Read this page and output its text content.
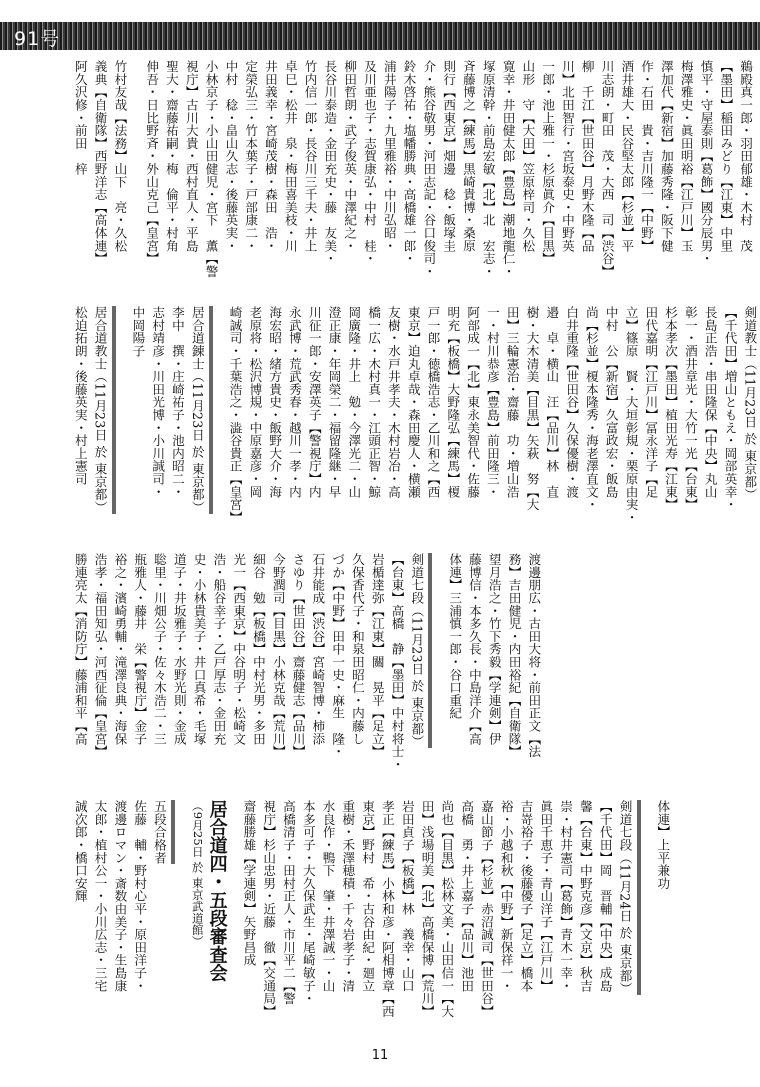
91号
鵜殿真一郎・羽田郁雄・木村　茂
【墨田】稲田みどり【江東】中里
慎平・守屋泰則【葛飾】國分辰男・
梅澤雅史・眞田明裕【江戸川】玉
澤加代【新宿】加藤秀隆・阪下健
作・石田　貴・吉川隆一【中野】
酒井雄大・民谷堅太郎【杉並】平
川志朗・町田　茂・大西　司【渋谷】
柳　千江【世田谷】月野木隆【品
川】北田智行・宮坂泰史・中野英
一郎・池上雅一・杉原眞介【目黒】
山形　守【大田】笠原梓司・久松
寛幸・井田健太郎【豊島】潮地龍仁・
塚原清幹・前島宏敏【北】北　宏志・
斉藤博之【練馬】黒崎貴博・桑原
則行【西東京】畑邊　稔・飯塚圭
介・熊谷敬男・河田志記・谷口俊司・
鈴木啓祐・塩幡勝典・高橋雄一郎・
浦井陽子・九里雅裕・中川弘昭・
及川亜也子・志賀康弘・中村　桂・
柳田哲朗・武子俊英・中澤紀之・
長谷川泰造・金田充史・藤　友美・
竹内信一郎・長谷川三千夫・井上
卓巳・松井　泉・梅田喜美枝・川
井田義幸・宮崎茂樹・森田　浩・
定榮弘三・竹本葉子・戸部康二・
中村　稔・畠山久志・後藤英実・
小林京子・小山田健児・宮下　薫【警
視庁】古川大貴・西村直人・平島
聖大・齋藤祐嗣・梅　倫平・村角
伸吾・日比野斉・外山克己【皇宮】
竹村友哉【法務】山下　亮・久松
義典【自衛隊】西野洋志【高体連】
阿久沢修・前田　梓
剣道教士（11月23日 於 東京都）
【千代田】増山ともえ・岡部英幸・
長島正浩・串田隆保【中央】丸山
彰一・酒井章光・大竹一光【台東】
杉本孝次【墨田】植田光寿【江東】
田代嘉明【江戸川】冨永洋子【足
立】篠原　賢・大垣彰規・栗原由実・
中村　公【新宿】久富政宏・飯島
尚【杉並】榎本隆秀・海老澤直文・
白井重隆【世田谷】久保優樹・渡
邉　卓・横山　汪【品川】林　直
樹・大木清美【目黒】矢萩　努【大
田】三輪憲治・齋藤　功・増山浩
一・村川恭彦【豊島】前田隆三・
阿部成一【北】東永美智代・佐藤
明充【板橋】大野隆弘【練馬】榎
戸一郎・徳橋浩志・乙川和之【西
東京】迫丸卓哉・森田慶人・横瀬
友樹・水戸井孝夫・木村岩冶・高
橋一広・木村真一・江頭正智・鯨
岡廣隆・井上　勉・今澤光二・山
澄正康・年岡榮二・福留隆継・早
川征一郎・安澤英子【警視庁】内
永武博・荒武秀春・越川一孝・内
海宏昭・緒方貴史・飯野大介・海
老原将・松沢博規・中原嘉彦・岡
崎誠司・千葉浩之・澁谷貴正【皇宮】
居合道錬士（11月23日 於 東京都）
李中　撰・庄崎祐子・池内昭二・
志村靖彦・川田光博・小川誠司・
中岡陽子
居合道教士（11月23日 於 東京都）
松迫拓朗・後藤英実・村上憲司
渡邊朋広・古田大将・前田正文【法
務】吉田健児・内田裕紀【自衛隊】
望月浩之・竹下秀毅【学連剣】伊
藤博信・本多久長・中島洋介【高
体連】三浦慎一郎・谷口重紀
剣道七段（11月23日 於 東京都）
【台東】高橋　静【墨田】中村将士・
岩楯達弥【江東】關　晃平【足立】
久保香代子・和泉田昭仁・内藤し
づか【中野】田中一史・麻生　隆・
石井能成【渋谷】宮崎智博・柿添
さゆり【世田谷】齋藤健志【品川】
今野潤司【目黒】小林克哉【荒川】
細谷　勉【板橋】中村光男・多田
光一【西東京】中谷明子・松崎文
浩・船谷幸子・乙戸厚志・金田充
史・小林貴美子・井口真希・毛塚
道子・井坂雅子・水野光則・金成
聡里・川畑公子・佐々木浩二・三
瓶雅人・藤井　栄【警視庁】金子
裕之・濱崎勇輔・滝澤良典・海保
浩孝・福田知弘・河西征倫【皇宮】
勝連亮太【消防庁】藤浦和平【高
体連】上平兼功
剣道七段（11月24日 於 東京都）
【千代田】岡　晋輔【中央】成島
馨【台東】中野克彦【文京】秋吉
崇・村井憲司【葛飾】青木一幸・
眞田千恵子・青山洋子【江戸川】
吉嵜裕子・後藤優子【足立】橋本
裕・小越和秋【中野】新保祥一・
嘉山節子【杉並】赤沼誠司【世田谷】
高橋　勇・井上嘉子【品川】池田
尚也【目黒】松林文美・山田信一【大
田】浅場明美【北】高橋保博【荒川】
岩田貞子【板橋】林　義幸・山口
孝正【練馬】小林和彦・阿相博章【西
東京】野村　希・古谷由紀・廻立
重樹・禾澤穂積・千々岩孝子・清
水良作・鴨下　肇・井澤誠一・山
本多可子・大久保武生・尾崎敏子・
高橋清子・田村正人・市川平二【警
視庁】杉山忠男・近藤　徹【交通局】
齋藤勝雄【学連剣】矢野昌成
居合道四・五段審査会
（9月25日 於 東京武道館）
五段合格者
佐藤　輔・野村心平・原田洋子・
渡邊ロマン・斎数由美子・生島康
太郎・植村公一・小川広志・三宅
誠次郎・橋口安輝
11
